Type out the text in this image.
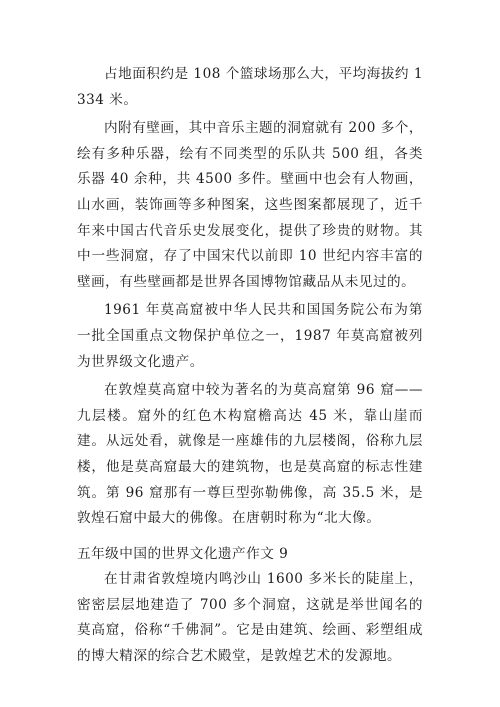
占地面积约是 108 个篮球场那么大，平均海拔约 1334 米。

内附有壁画，其中音乐主题的洞窟就有 200 多个，绘有多种乐器，绘有不同类型的乐队共 500 组，各类乐器 40 余种，共 4500 多件。壁画中也会有人物画，山水画，装饰画等多种图案，这些图案都展现了，近千年来中国古代音乐史发展变化，提供了珍贵的财物。其中一些洞窟，存了中国宋代以前即 10 世纪内容丰富的壁画，有些壁画都是世界各国博物馆藏品从未见过的。

1961 年莫高窟被中华人民共和国国务院公布为第一批全国重点文物保护单位之一，1987 年莫高窟被列为世界级文化遗产。

在敦煌莫高窟中较为著名的为莫高窟第 96 窟——九层楼。窟外的红色木构窟檐高达 45 米，靠山崖而建。从远处看，就像是一座雄伟的九层楼阁，俗称九层楼，他是莫高窟最大的建筑物，也是莫高窟的标志性建筑。第 96 窟那有一尊巨型弥勒佛像，高 35.5 米，是敦煌石窟中最大的佛像。在唐朝时称为“北大像。

五年级中国的世界文化遗产作文 9

在甘肃省敦煌境内鸣沙山 1600 多米长的陡崖上，密密层层地建造了 700 多个洞窟，这就是举世闻名的莫高窟，俗称“千佛洞”。它是由建筑、绘画、彩塑组成的博大精深的综合艺术殿堂，是敦煌艺术的发源地。
